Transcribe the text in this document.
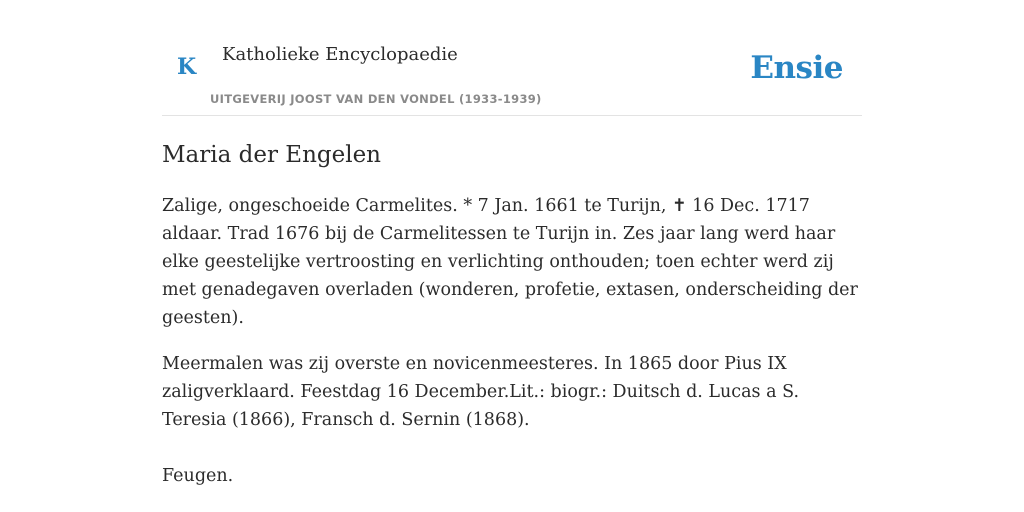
K Katholieke Encyclopaedie
UITGEVERIJ JOOST VAN DEN VONDEL (1933-1939)
Ensie
Maria der Engelen

Zalige, ongeschoeide Carmelites. * 7 Jan. 1661 te Turijn, ✝ 16 Dec. 1717 aldaar. Trad 1676 bij de Carmelitessen te Turijn in. Zes jaar lang werd haar elke geestelijke vertroosting en verlichting onthouden; toen echter werd zij met genadegaven overladen (wonderen, profetie, extasen, onderscheiding der geesten).

Meermalen was zij overste en novicenmeesteres. In 1865 door Pius IX zaligverklaard. Feestdag 16 December.Lit.: biogr.: Duitsch d. Lucas a S. Teresia (1866), Fransch d. Sernin (1868).

Feugen.
